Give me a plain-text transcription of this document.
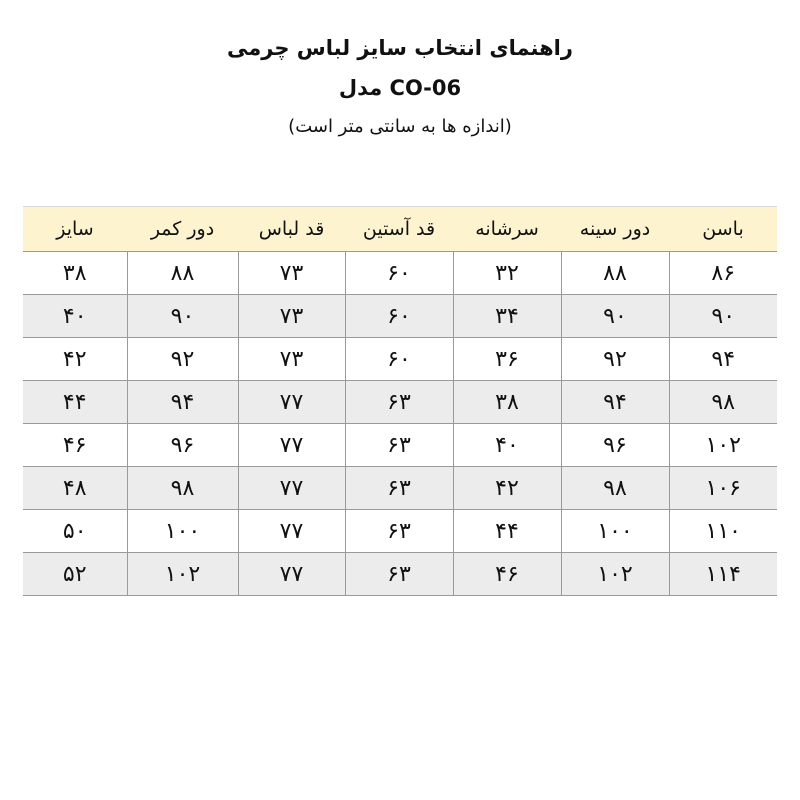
راهنمای انتخاب سایز لباس چرمی
مدل CO-06
(اندازه ها به سانتی متر است)
سایز	دور کمر	قد لباس	قد آستین	سرشانه	دور سینه	باسن
۳۸	۸۸	۷۳	۶۰	۳۲	۸۸	۸۶
۴۰	۹۰	۷۳	۶۰	۳۴	۹۰	۹۰
۴۲	۹۲	۷۳	۶۰	۳۶	۹۲	۹۴
۴۴	۹۴	۷۷	۶۳	۳۸	۹۴	۹۸
۴۶	۹۶	۷۷	۶۳	۴۰	۹۶	۱۰۲
۴۸	۹۸	۷۷	۶۳	۴۲	۹۸	۱۰۶
۵۰	۱۰۰	۷۷	۶۳	۴۴	۱۰۰	۱۱۰
۵۲	۱۰۲	۷۷	۶۳	۴۶	۱۰۲	۱۱۴
